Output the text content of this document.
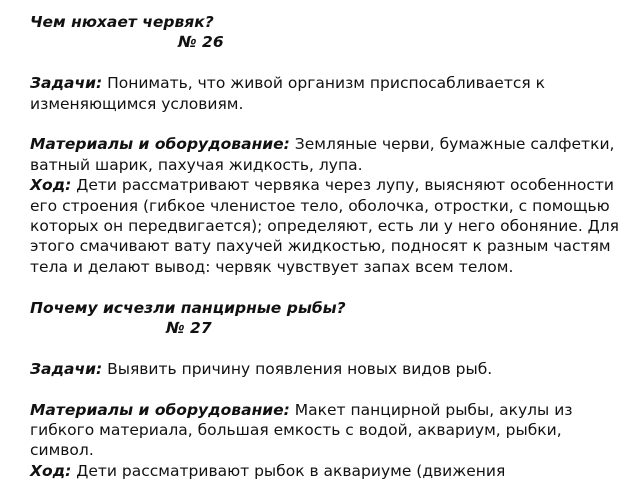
Чем нюхает червяк?

№ 26

Задачи: Понимать, что живой организм приспосабливается к изменяющимся условиям.

Материалы и оборудование: Земляные черви, бумажные салфетки, ватный шарик, пахучая жидкость, лупа.

Ход: Дети рассматривают червяка через лупу, выясняют особенности его строения (гибкое членистое тело, оболочка, отростки, с помощью которых он передвигается); определяют, есть ли у него обоняние. Для этого смачивают вату пахучей жидкостью, подносят к разным частям тела и делают вывод: червяк чувствует запах всем телом.

Почему исчезли панцирные рыбы?

№ 27

Задачи: Выявить причину появления новых видов рыб.

Материалы и оборудование: Макет панцирной рыбы, акулы из гибкого материала, большая емкость с водой, аквариум, рыбки, символ.

Ход: Дети рассматривают рыбок в аквариуме (движения
